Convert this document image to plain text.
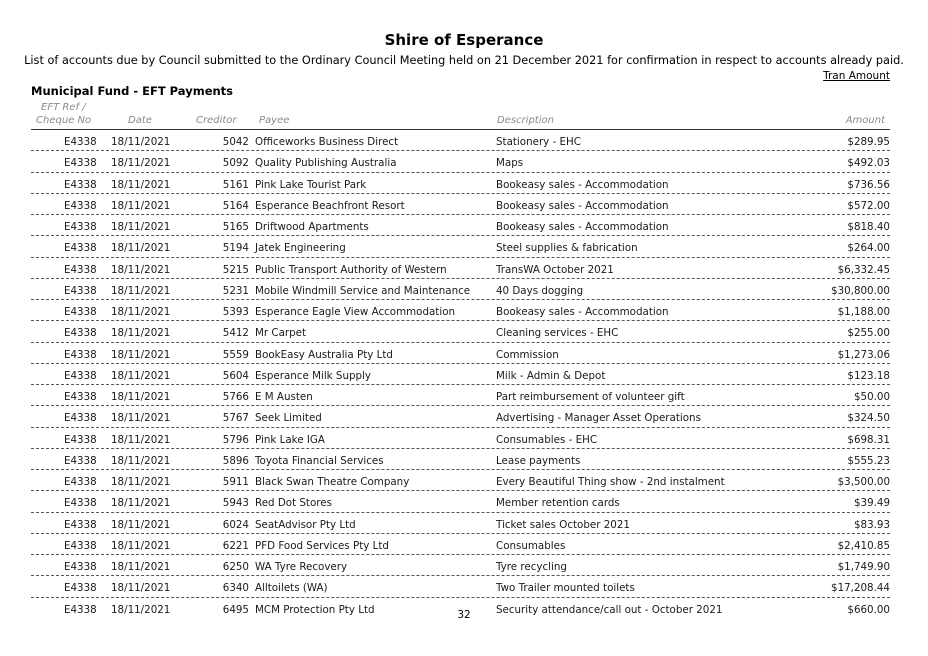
Shire of Esperance
List of accounts due by Council submitted to the Ordinary Council Meeting held on 21 December 2021 for confirmation in respect to accounts already paid.
Tran Amount
Municipal Fund - EFT Payments
EFT Ref /
Cheque No	Date	Creditor Payee	Description	Amount
E4338 18/11/2021	5042 Officeworks Business Direct	Stationery - EHC	$289.95
E4338 18/11/2021	5092 Quality Publishing Australia	Maps	$492.03
E4338 18/11/2021	5161 Pink Lake Tourist Park	Bookeasy sales - Accommodation	$736.56
E4338 18/11/2021	5164 Esperance Beachfront Resort	Bookeasy sales - Accommodation	$572.00
E4338 18/11/2021	5165 Driftwood Apartments	Bookeasy sales - Accommodation	$818.40
E4338 18/11/2021	5194 Jatek Engineering	Steel supplies & fabrication	$264.00
E4338 18/11/2021	5215 Public Transport Authority of Western	TransWA October 2021	$6,332.45
E4338 18/11/2021	5231 Mobile Windmill Service and Maintenance	40 Days dogging	$30,800.00
E4338 18/11/2021	5393 Esperance Eagle View Accommodation	Bookeasy sales - Accommodation	$1,188.00
E4338 18/11/2021	5412 Mr Carpet	Cleaning services - EHC	$255.00
E4338 18/11/2021	5559 BookEasy Australia Pty Ltd	Commission	$1,273.06
E4338 18/11/2021	5604 Esperance Milk Supply	Milk - Admin & Depot	$123.18
E4338 18/11/2021	5766 E M Austen	Part reimbursement of volunteer gift	$50.00
E4338 18/11/2021	5767 Seek Limited	Advertising - Manager Asset Operations	$324.50
E4338 18/11/2021	5796 Pink Lake IGA	Consumables - EHC	$698.31
E4338 18/11/2021	5896 Toyota Financial Services	Lease payments	$555.23
E4338 18/11/2021	5911 Black Swan Theatre Company	Every Beautiful Thing show - 2nd instalment	$3,500.00
E4338 18/11/2021	5943 Red Dot Stores	Member retention cards	$39.49
E4338 18/11/2021	6024 SeatAdvisor Pty Ltd	Ticket sales October 2021	$83.93
E4338 18/11/2021	6221 PFD Food Services Pty Ltd	Consumables	$2,410.85
E4338 18/11/2021	6250 WA Tyre Recovery	Tyre recycling	$1,749.90
E4338 18/11/2021	6340 Alltoilets (WA)	Two Trailer mounted toilets	$17,208.44
E4338 18/11/2021	6495 MCM Protection Pty Ltd	Security attendance/call out - October 2021	$660.00
32
